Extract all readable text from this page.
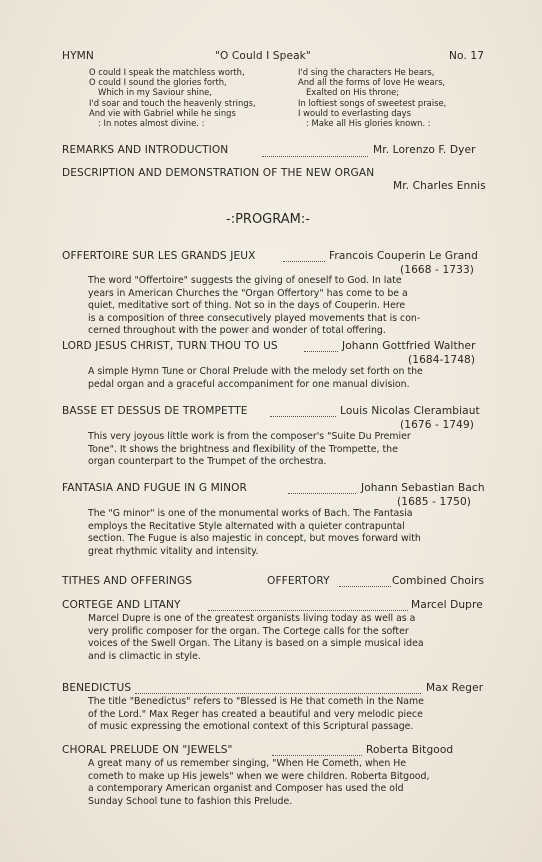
HYMN	"O Could I Speak"	No. 17
O could I speak the matchless worth,
O could I sound the glories forth,
Which in my Saviour shine,
I'd soar and touch the heavenly strings,
And vie with Gabriel while he sings
: In notes almost divine. :
I'd sing the characters He bears,
And all the forms of love He wears,
Exalted on His throne;
In loftiest songs of sweetest praise,
I would to everlasting days
: Make all His glories known. :
REMARKS AND INTRODUCTION	Mr. Lorenzo F. Dyer
DESCRIPTION AND DEMONSTRATION OF THE NEW ORGAN
Mr. Charles Ennis
-:PROGRAM:-
OFFERTOIRE SUR LES GRANDS JEUX	Francois Couperin Le Grand
(1668 - 1733)
The word "Offertoire" suggests the giving of oneself to God. In late
years in American Churches the "Organ Offertory" has come to be a
quiet, meditative sort of thing. Not so in the days of Couperin. Here
is a composition of three consecutively played movements that is con-
cerned throughout with the power and wonder of total offering.
LORD JESUS CHRIST, TURN THOU TO US	Johann Gottfried Walther
(1684-1748)
A simple Hymn Tune or Choral Prelude with the melody set forth on the
pedal organ and a graceful accompaniment for one manual division.
BASSE ET DESSUS DE TROMPETTE	Louis Nicolas Clerambiaut
(1676 - 1749)
This very joyous little work is from the composer's "Suite Du Premier
Tone". It shows the brightness and flexibility of the Trompette, the
organ counterpart to the Trumpet of the orchestra.
FANTASIA AND FUGUE IN G MINOR	Johann Sebastian Bach
(1685 - 1750)
The "G minor" is one of the monumental works of Bach. The Fantasia
employs the Recitative Style alternated with a quieter contrapuntal
section. The Fugue is also majestic in concept, but moves forward with
great rhythmic vitality and intensity.
TITHES AND OFFERINGS	OFFERTORY	Combined Choirs
CORTEGE AND LITANY	Marcel Dupre
Marcel Dupre is one of the greatest organists living today as well as a
very prolific composer for the organ. The Cortege calls for the softer
voices of the Swell Organ. The Litany is based on a simple musical idea
and is climactic in style.
BENEDICTUS	Max Reger
The title "Benedictus" refers to "Blessed is He that cometh in the Name
of the Lord." Max Reger has created a beautiful and very melodic piece
of music expressing the emotional context of this Scriptural passage.
CHORAL PRELUDE ON "JEWELS"	Roberta Bitgood
A great many of us remember singing, "When He Cometh, when He
cometh to make up His jewels" when we were children. Roberta Bitgood,
a contemporary American organist and Composer has used the old
Sunday School tune to fashion this Prelude.
